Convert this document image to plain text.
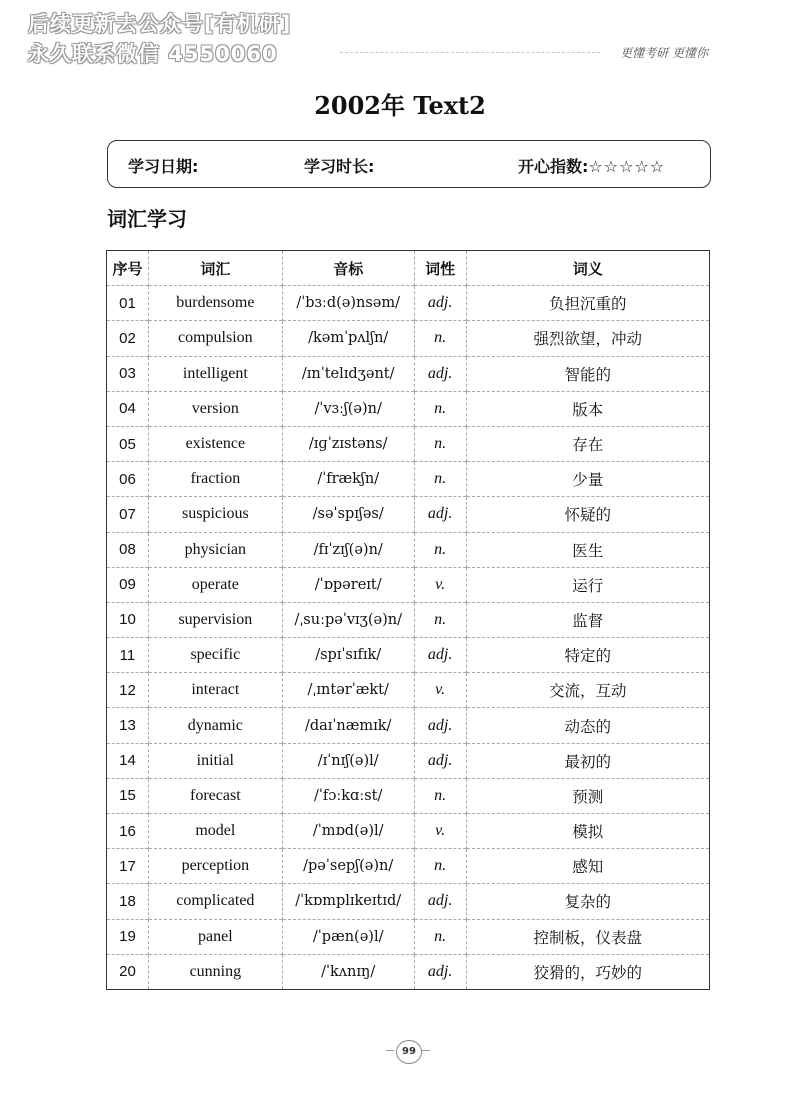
后续更新去公众号[有机研]
永久联系微信 4550060	更懂考研 更懂你
2002年 Text2
学习日期:	学习时长:	开心指数:☆☆☆☆☆
词汇学习
序号	词汇	音标	词性	词义
01	burdensome	/ˈbɜːd(ə)nsəm/	adj.	负担沉重的
02	compulsion	/kəmˈpʌlʃn/	n.	强烈欲望，冲动
03	intelligent	/ɪnˈtelɪdʒənt/	adj.	智能的
04	version	/ˈvɜːʃ(ə)n/	n.	版本
05	existence	/ɪɡˈzɪstəns/	n.	存在
06	fraction	/ˈfrækʃn/	n.	少量
07	suspicious	/səˈspɪʃəs/	adj.	怀疑的
08	physician	/fɪˈzɪʃ(ə)n/	n.	医生
09	operate	/ˈɒpəreɪt/	v.	运行
10	supervision	/ˌsuːpəˈvɪʒ(ə)n/	n.	监督
11	specific	/spɪˈsɪfɪk/	adj.	特定的
12	interact	/ˌɪntərˈækt/	v.	交流，互动
13	dynamic	/daɪˈnæmɪk/	adj.	动态的
14	initial	/ɪˈnɪʃ(ə)l/	adj.	最初的
15	forecast	/ˈfɔːkɑːst/	n.	预测
16	model	/ˈmɒd(ə)l/	v.	模拟
17	perception	/pəˈsepʃ(ə)n/	n.	感知
18	complicated	/ˈkɒmplɪkeɪtɪd/	adj.	复杂的
19	panel	/ˈpæn(ə)l/	n.	控制板，仪表盘
20	cunning	/ˈkʌnɪŋ/	adj.	狡猾的，巧妙的
99
